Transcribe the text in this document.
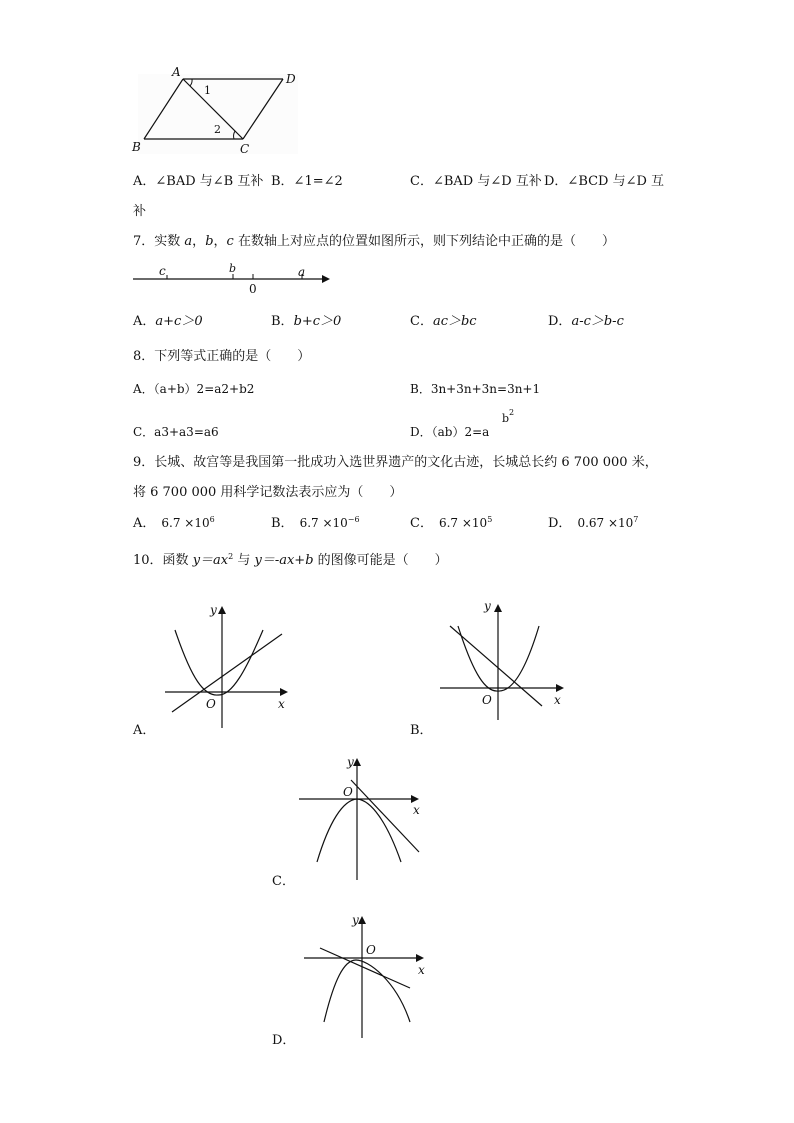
A
B	C
D
1
2
A．∠BAD 与∠B 互补 B．∠1=∠2	C．∠BAD 与∠D 互补 D．∠BCD 与∠D 互
补
7．实数 a，b，c 在数轴上对应点的位置如图所示，则下列结论中正确的是（　　）
c	b
0
a
A．a+c＞0	B．b+c＞0	C．ac＞bc	D．a-c＞b-c
8．下列等式正确的是（　　）
A．（a+b）2=a2+b2	B．3n+3n+3n=3n+1
C．a3+a3=a6	D．（ab）2=a
b 2
9．长城、故宫等是我国第一批成功入选世界遗产的文化古迹，长城总长约 6 700 000 米，
将 6 700 000 用科学记数法表示应为（　　）
A． $6.7 \times 10^6$	B． $6.7 \times 10^{-6}$	C． $6.7 \times 10^5$	D． $0.67 \times 10^7$
10．函数 $y=ax^2$ 与 y＝-ax+b 的图像可能是（　　）
y
x
O
A．
y
x
O
B．
y
x
O
C．
y
x
O
D．
